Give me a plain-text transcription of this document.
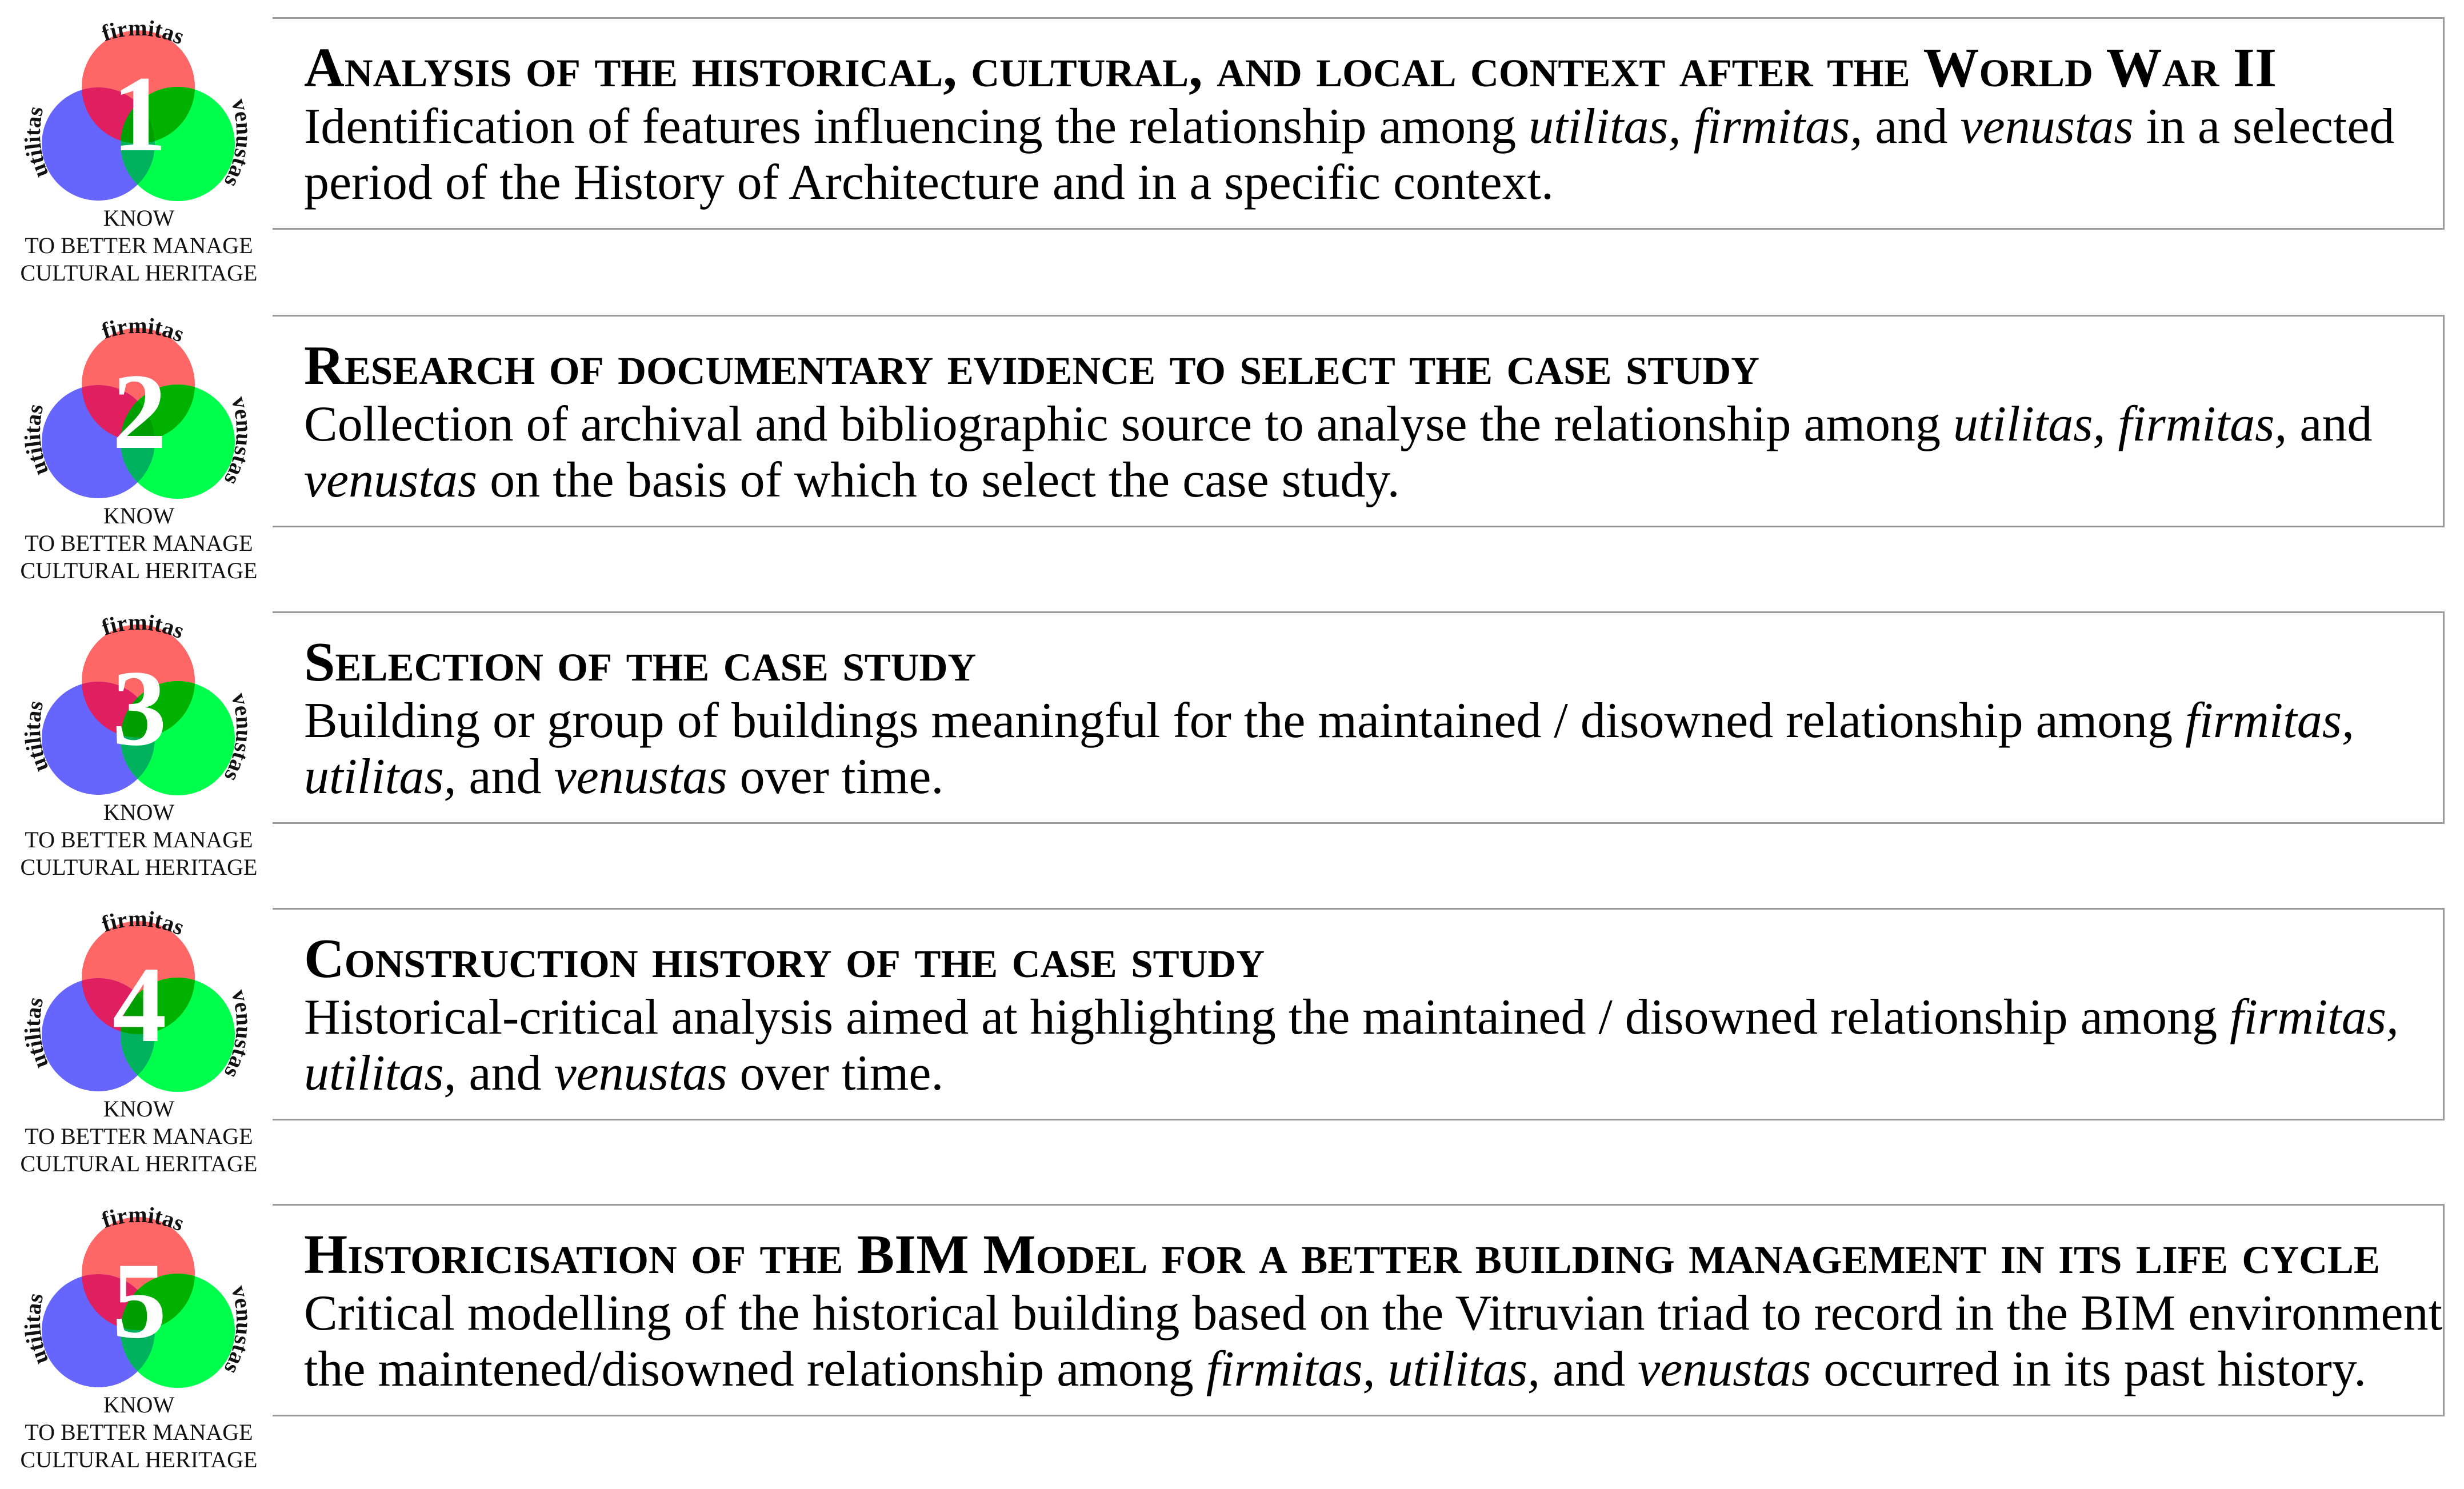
utilitas
firmitas
venustas
1
KNOW
TO BETTER MANAGE
CULTURAL HERITAGE
Analysis of the historical, cultural, and local context after the World War II
Identification of features influencing the relationship among utilitas, firmitas, and venustas in a selected
period of the History of Architecture and in a specific context.
utilitas
firmitas
venustas
2
KNOW
TO BETTER MANAGE
CULTURAL HERITAGE
Research of documentary evidence to select the case study
Collection of archival and bibliographic source to analyse the relationship among utilitas, firmitas, and
venustas on the basis of which to select the case study.
utilitas
firmitas
venustas
3
KNOW
TO BETTER MANAGE
CULTURAL HERITAGE
Selection of the case study
Building or group of buildings meaningful for the maintained / disowned relationship among firmitas,
utilitas, and venustas over time.
utilitas
firmitas
venustas
4
KNOW
TO BETTER MANAGE
CULTURAL HERITAGE
Construction history of the case study
Historical-critical analysis aimed at highlighting the maintained / disowned relationship among firmitas,
utilitas, and venustas over time.
utilitas
firmitas
venustas
5
KNOW
TO BETTER MANAGE
CULTURAL HERITAGE
Historicisation of the BIM Model for a better building management in its life cycle
Critical modelling of the historical building based on the Vitruvian triad to record in the BIM environment
the maintened/disowned relationship among firmitas, utilitas, and venustas occurred in its past history.
